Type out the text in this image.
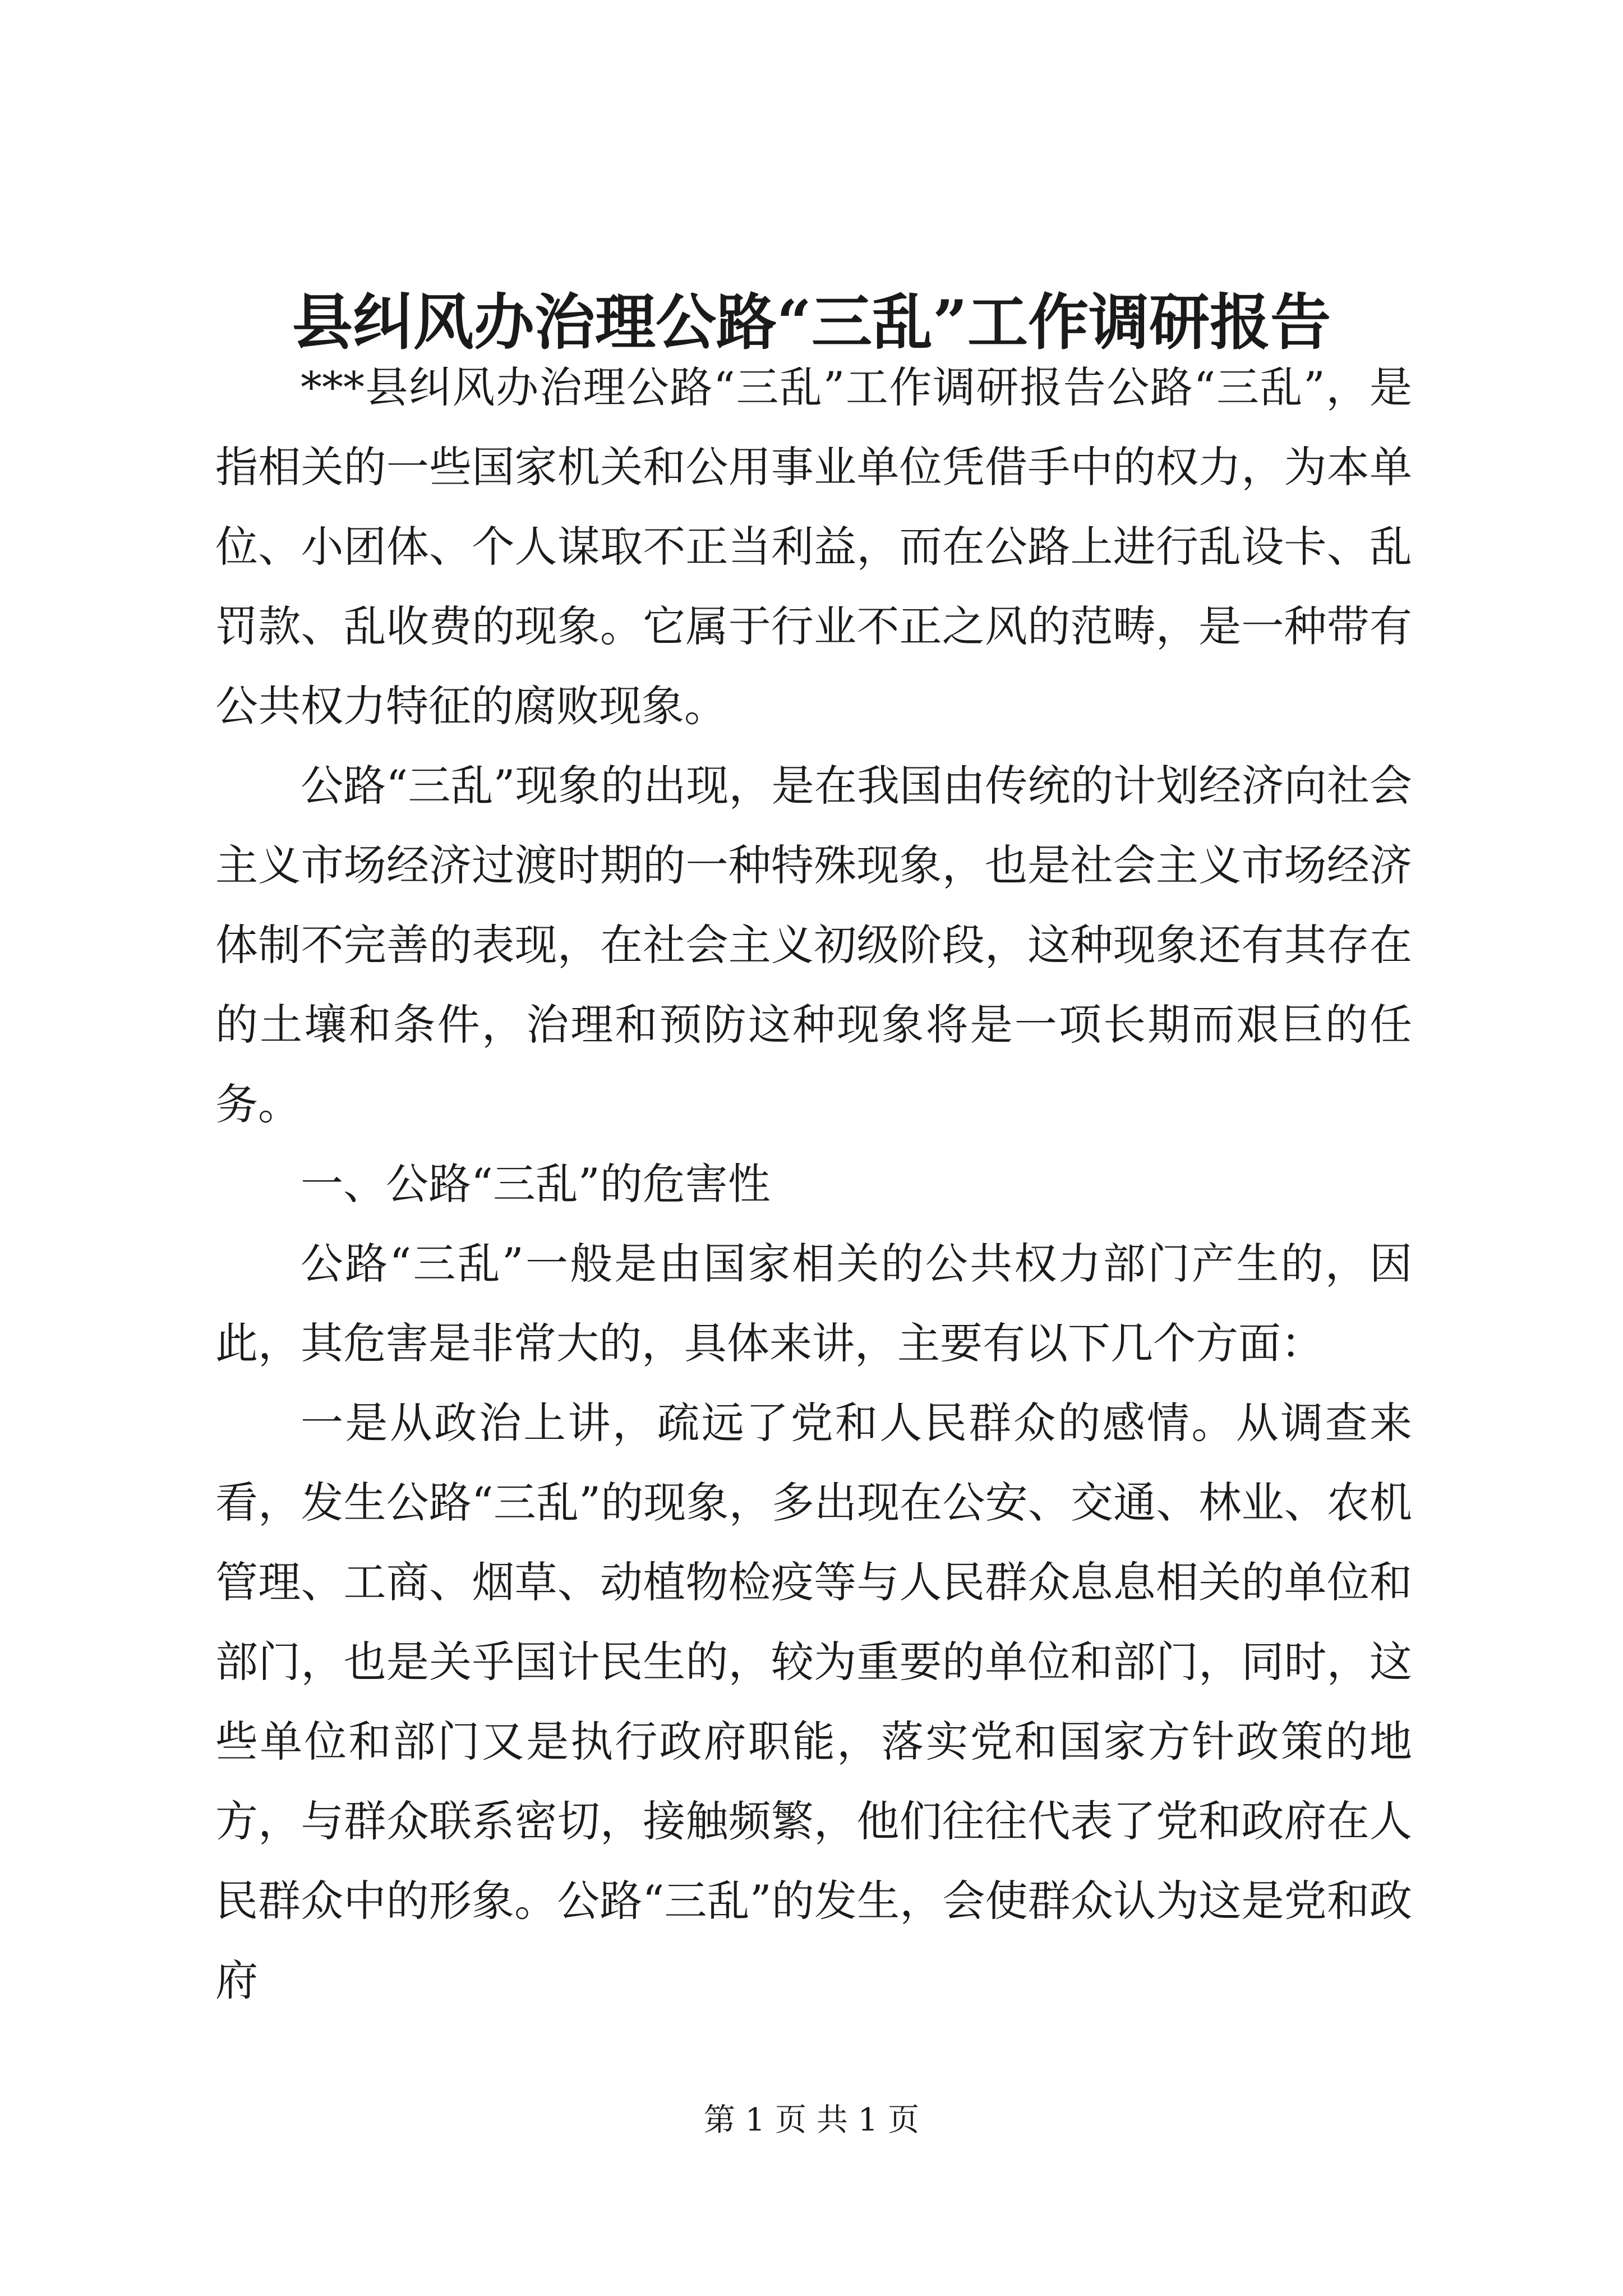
县纠风办治理公路“三乱”工作调研报告

***县纠风办治理公路“三乱”工作调研报告公路“三乱”，是指相关的一些国家机关和公用事业单位凭借手中的权力，为本单位、小团体、个人谋取不正当利益，而在公路上进行乱设卡、乱罚款、乱收费的现象。它属于行业不正之风的范畴，是一种带有公共权力特征的腐败现象。

公路“三乱”现象的出现，是在我国由传统的计划经济向社会主义市场经济过渡时期的一种特殊现象，也是社会主义市场经济体制不完善的表现，在社会主义初级阶段，这种现象还有其存在的土壤和条件，治理和预防这种现象将是一项长期而艰巨的任务。

一、公路“三乱”的危害性

公路“三乱”一般是由国家相关的公共权力部门产生的，因此，其危害是非常大的，具体来讲，主要有以下几个方面：

一是从政治上讲，疏远了党和人民群众的感情。从调查来看，发生公路“三乱”的现象，多出现在公安、交通、林业、农机管理、工商、烟草、动植物检疫等与人民群众息息相关的单位和部门，也是关乎国计民生的，较为重要的单位和部门，同时，这些单位和部门又是执行政府职能，落实党和国家方针政策的地方，与群众联系密切，接触频繁，他们往往代表了党和政府在人民群众中的形象。公路“三乱”的发生，会使群众认为这是党和政府

第 1 页 共 1 页
